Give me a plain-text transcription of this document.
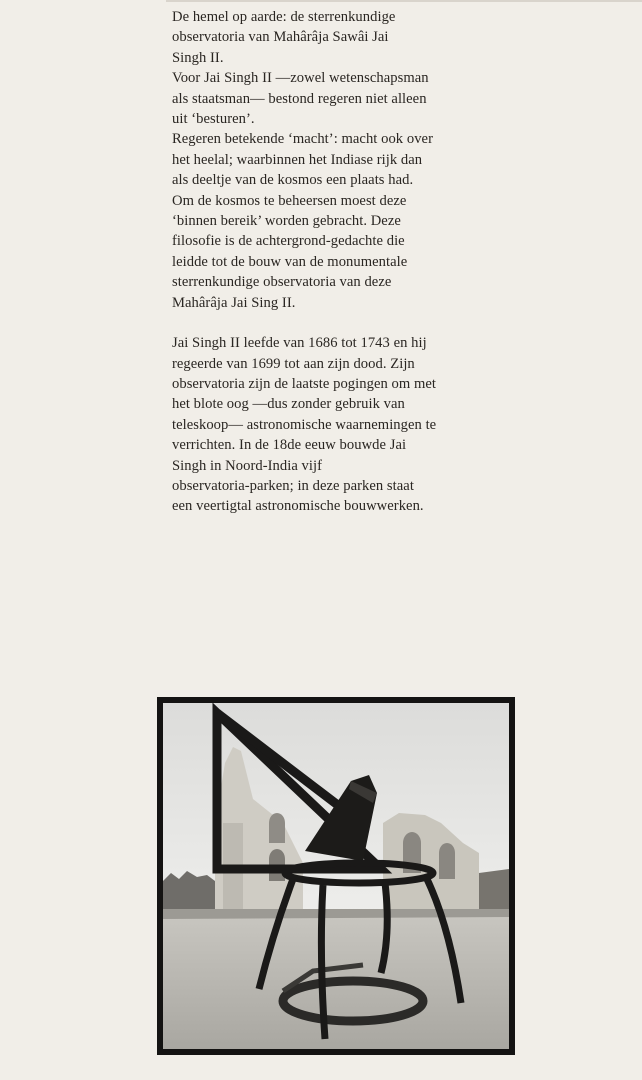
De hemel op aarde: de sterrenkundige
observatoria van Mahârâja Sawâi Jai
Singh II.
Voor Jai Singh II —zowel wetenschapsman
als staatsman— bestond regeren niet alleen
uit ‘besturen’.
Regeren betekende ‘macht’: macht ook over
het heelal; waarbinnen het Indiase rijk dan
als deeltje van de kosmos een plaats had.
Om de kosmos te beheersen moest deze
‘binnen bereik’ worden gebracht. Deze
filosofie is de achtergrond-gedachte die
leidde tot de bouw van de monumentale
sterrenkundige observatoria van deze
Mahârâja Jai Sing II.
Jai Singh II leefde van 1686 tot 1743 en hij
regeerde van 1699 tot aan zijn dood. Zijn
observatoria zijn de laatste pogingen om met
het blote oog —dus zonder gebruik van
teleskoop— astronomische waarnemingen te
verrichten. In de 18de eeuw bouwde Jai
Singh in Noord-India vijf
observatoria-parken; in deze parken staat
een veertigtal astronomische bouwwerken.
